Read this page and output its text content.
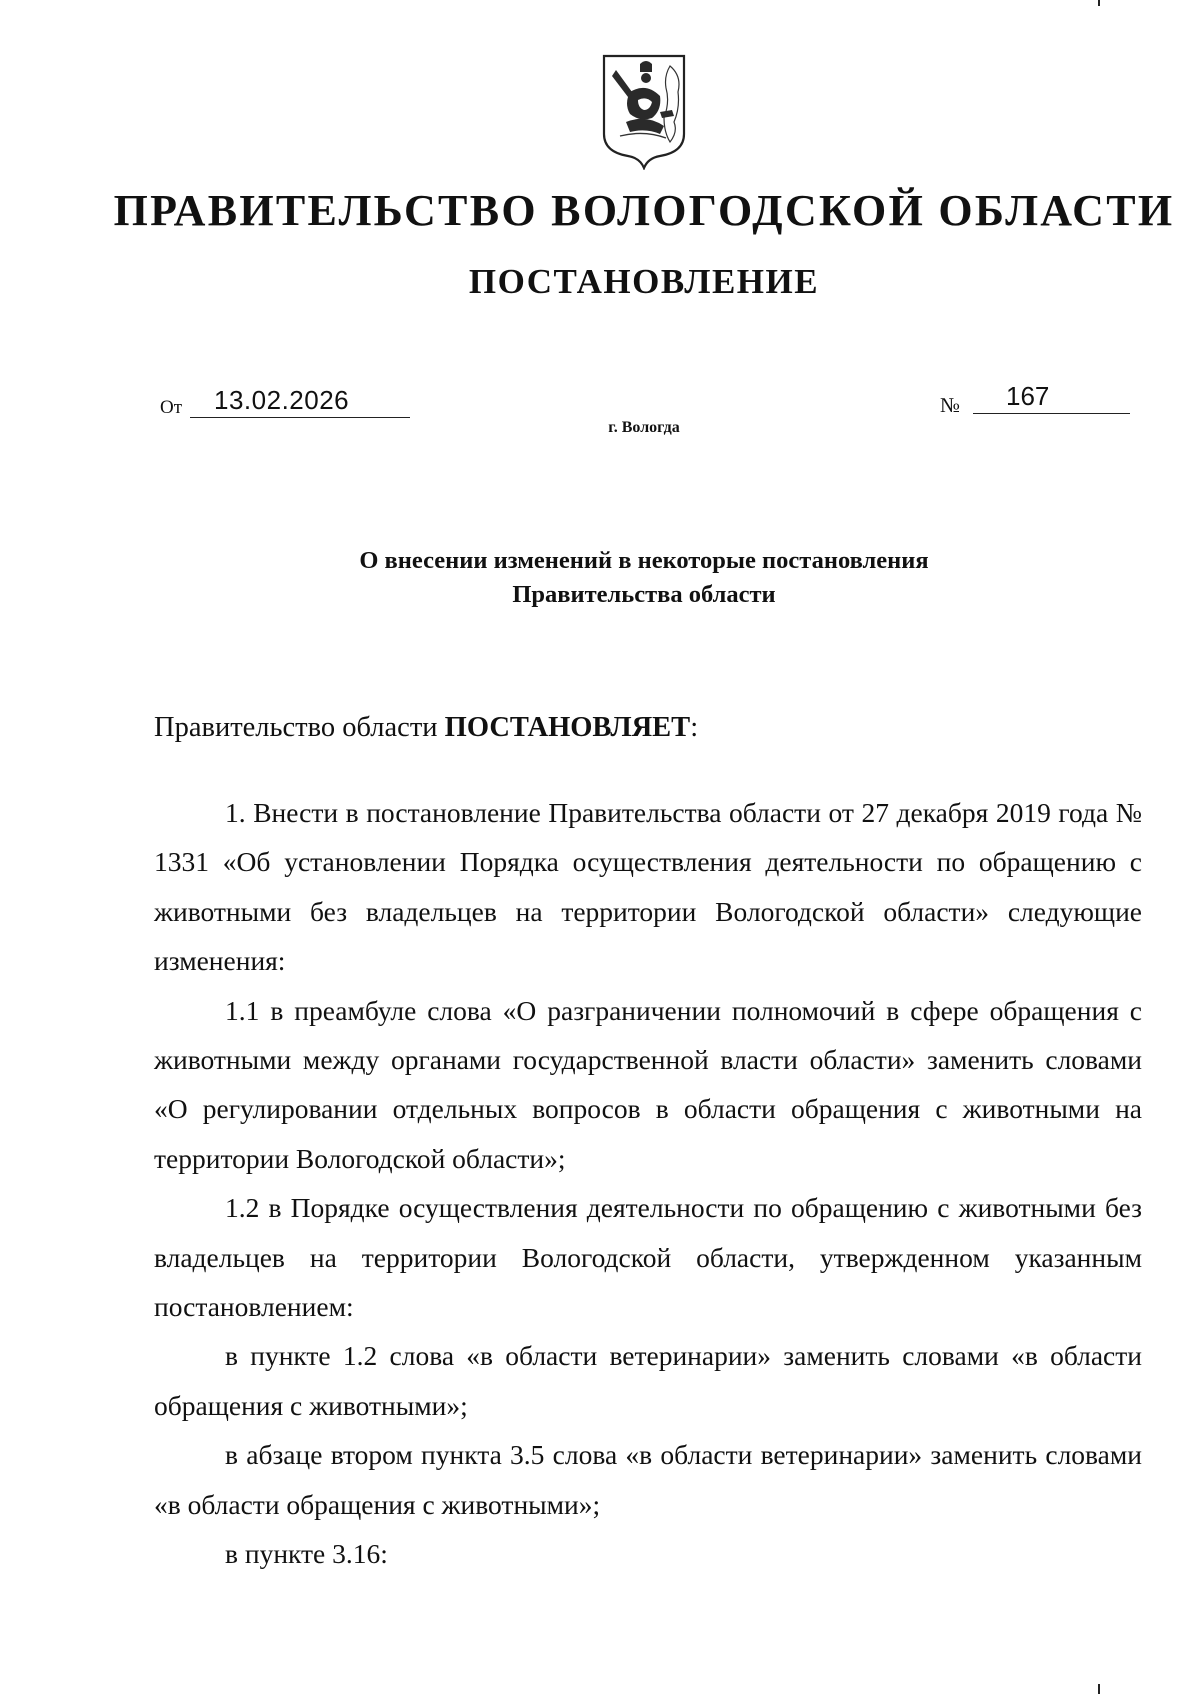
ПРАВИТЕЛЬСТВО ВОЛОГОДСКОЙ ОБЛАСТИ
ПОСТАНОВЛЕНИЕ
От 13.02.2026	№ 167
г. Вологда
О внесении изменений в некоторые постановления
Правительства области
Правительство области ПОСТАНОВЛЯЕТ:

1. Внести в постановление Правительства области от 27 декабря 2019 года № 1331 «Об установлении Порядка осуществления деятельности по обращению с животными без владельцев на территории Вологодской области» следующие изменения:

1.1 в преамбуле слова «О разграничении полномочий в сфере обращения с животными между органами государственной власти области» заменить словами «О регулировании отдельных вопросов в области обращения с животными на территории Вологодской области»;

1.2 в Порядке осуществления деятельности по обращению с животными без владельцев на территории Вологодской области, утвержденном указанным постановлением:

в пункте 1.2 слова «в области ветеринарии» заменить словами «в области обращения с животными»;

в абзаце втором пункта 3.5 слова «в области ветеринарии» заменить словами «в области обращения с животными»;

в пункте 3.16:
